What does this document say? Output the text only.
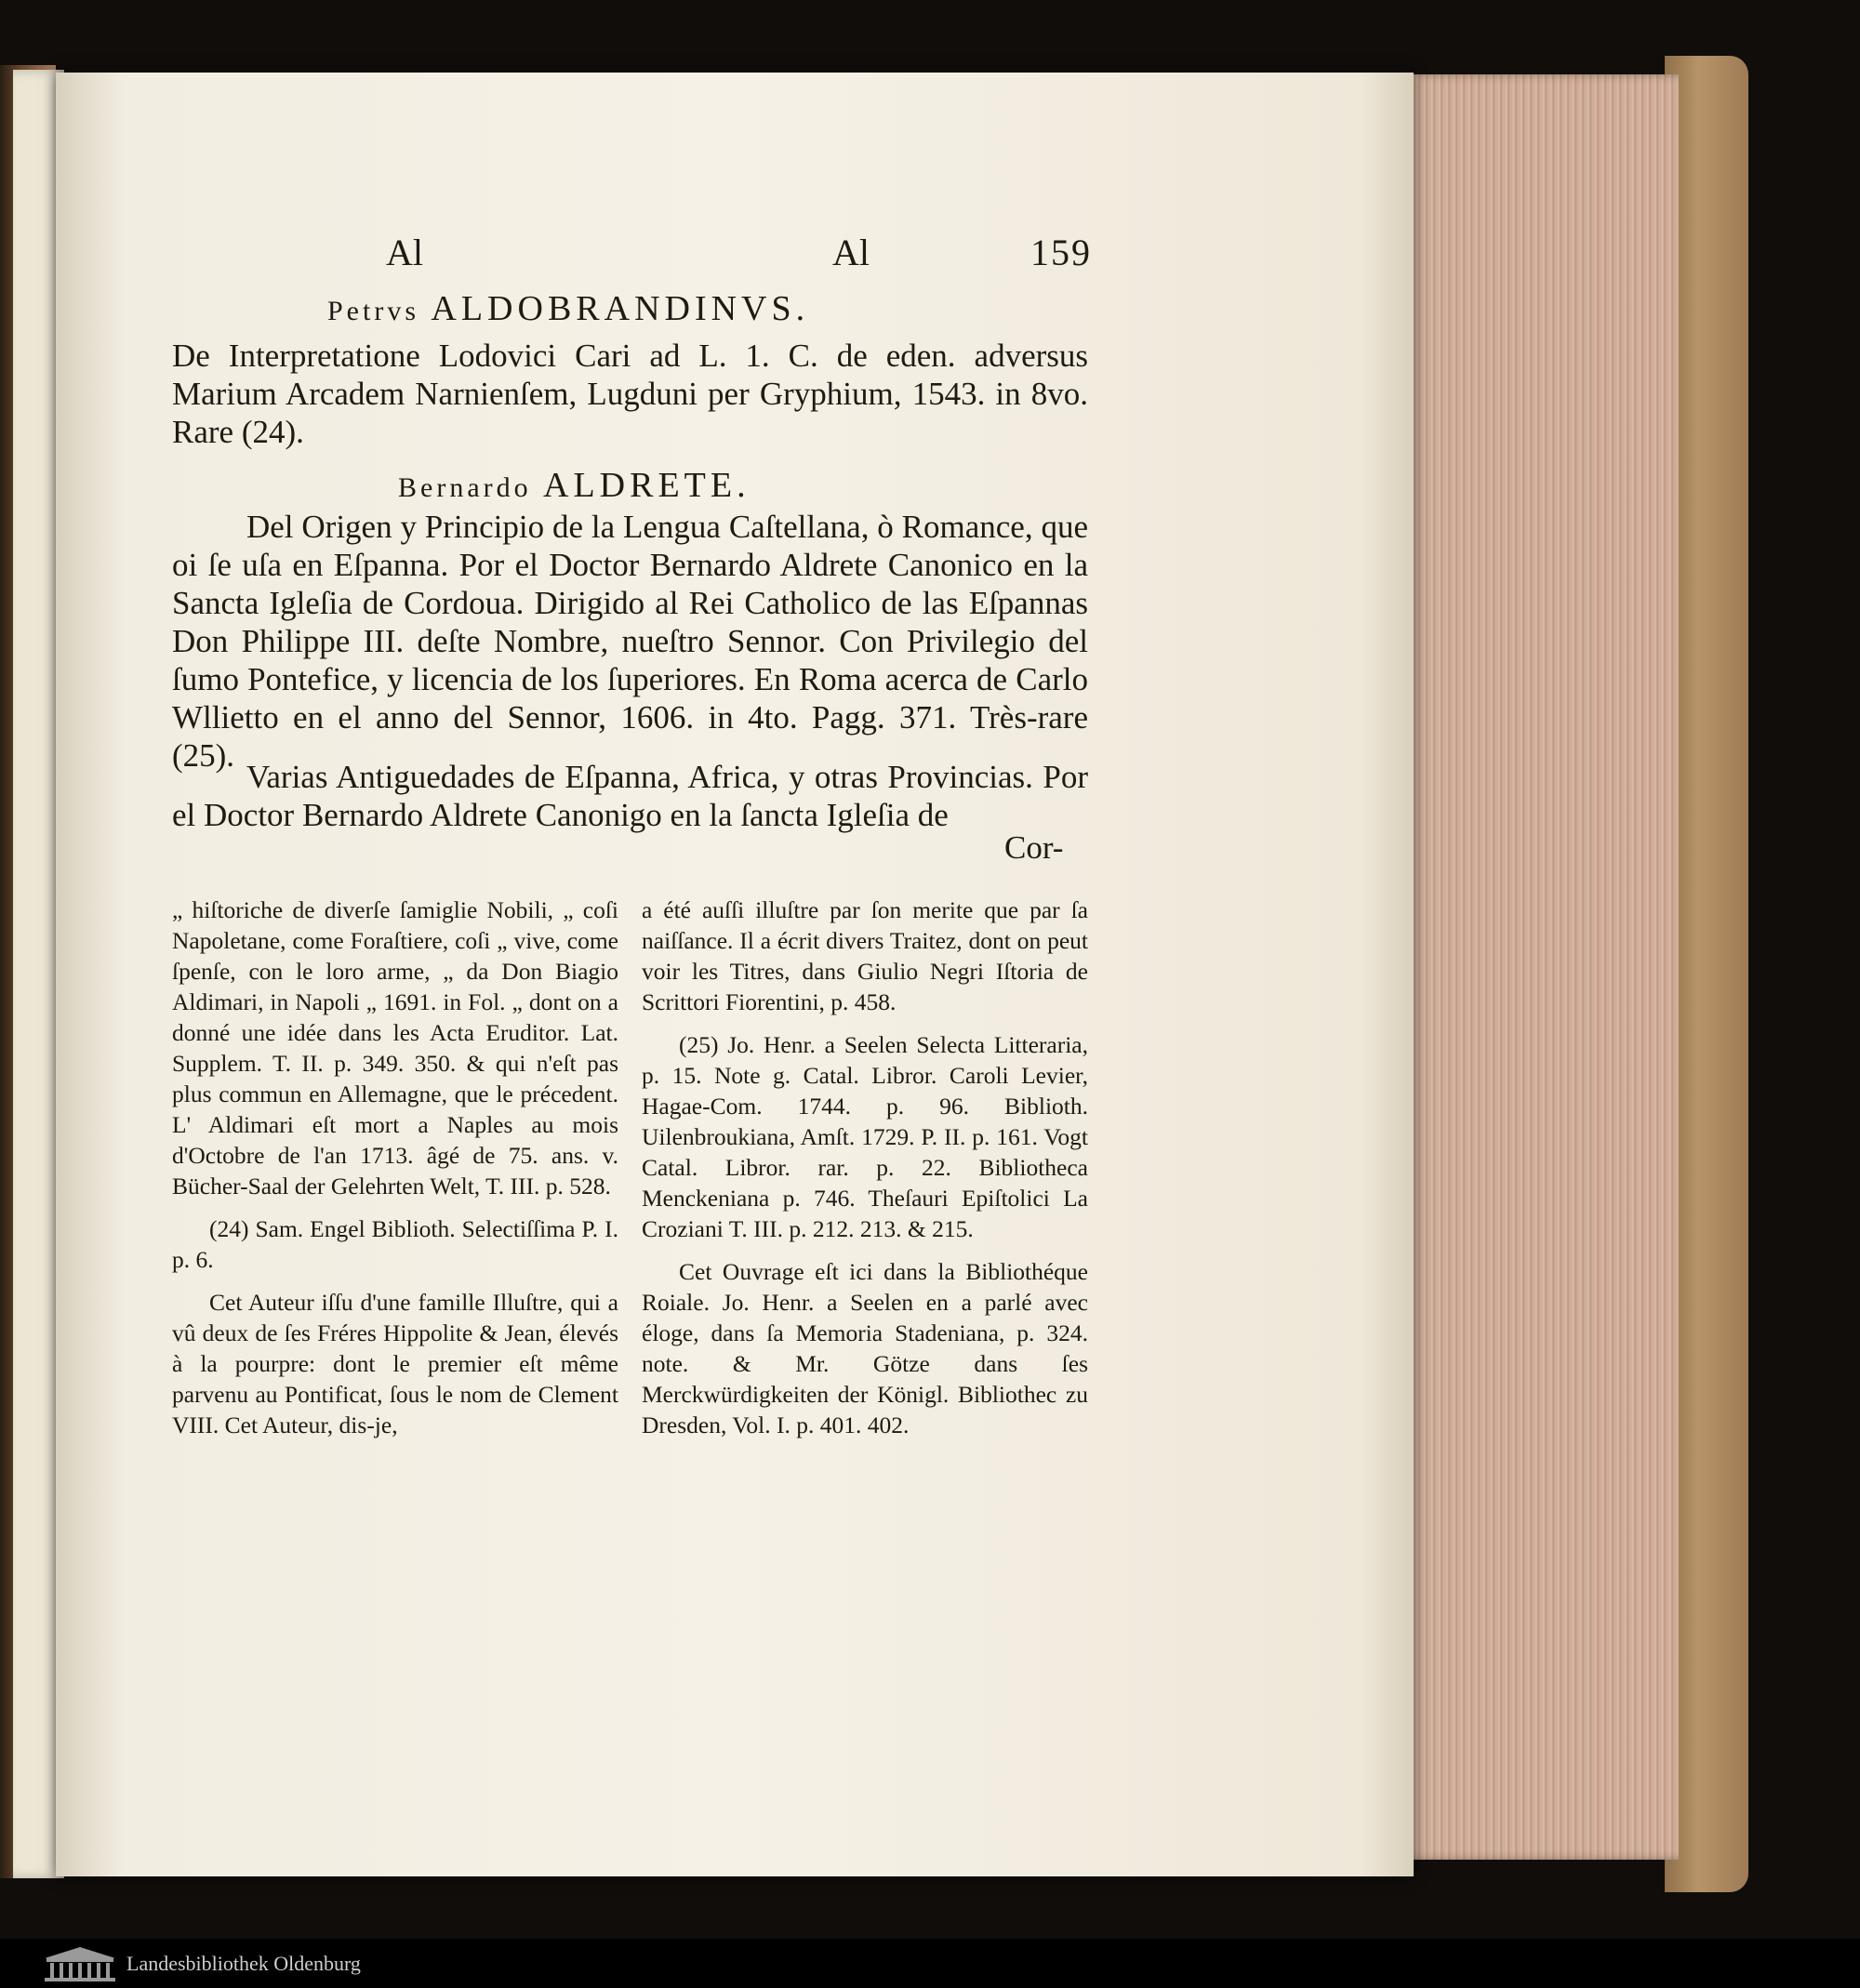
Al	Al	159
Petrvs ALDOBRANDINVS.
De Interpretatione Lodovici Cari ad L. 1. C. de eden. adversus Marium Arcadem Narnienſem, Lugduni per Gryphium, 1543. in 8vo. Rare (24).
Bernardo ALDRETE.
Del Origen y Principio de la Lengua Caſtellana, ò Romance, que oi ſe uſa en Eſpanna. Por el Doctor Bernardo Aldrete Canonico en la Sancta Igleſia de Cordoua. Dirigido al Rei Catholico de las Eſpannas Don Philippe III. deſte Nombre, nueſtro Sennor. Con Privilegio del ſumo Pontefice, y licencia de los ſuperiores. En Roma acerca de Carlo Wllietto en el anno del Sennor, 1606. in 4to. Pagg. 371. Très-rare (25).
Varias Antiguedades de Eſpanna, Africa, y otras Provincias. Por el Doctor Bernardo Aldrete Canonigo en la ſancta Igleſia de
Cor-

„ hiſtoriche de diverſe ſamiglie Nobili, „ coſi Napoletane, come Foraſtiere, coſi „ vive, come ſpenſe, con le loro arme, „ da Don Biagio Aldimari, in Napoli „ 1691. in Fol. „ dont on a donné une idée dans les Acta Eruditor. Lat. Supplem. T. II. p. 349. 350. & qui n'eſt pas plus commun en Allemagne, que le précedent. L' Aldimari eſt mort a Naples au mois d'Octobre de l'an 1713. âgé de 75. ans. v. Bücher-Saal der Gelehrten Welt, T. III. p. 528.

(24) Sam. Engel Biblioth. Selectiſſima P. I. p. 6.

Cet Auteur iſſu d'une famille Illuſtre, qui a vû deux de ſes Fréres Hippolite & Jean, élevés à la pourpre: dont le premier eſt même parvenu au Pontificat, ſous le nom de Clement VIII. Cet Auteur, dis-je,

a été auſſi illuſtre par ſon merite que par ſa naiſſance. Il a écrit divers Traitez, dont on peut voir les Titres, dans Giulio Negri Iſtoria de Scrittori Fiorentini, p. 458.

(25) Jo. Henr. a Seelen Selecta Litteraria, p. 15. Note g. Catal. Libror. Caroli Levier, Hagae-Com. 1744. p. 96. Biblioth. Uilenbroukiana, Amſt. 1729. P. II. p. 161. Vogt Catal. Libror. rar. p. 22. Bibliotheca Menckeniana p. 746. Theſauri Epiſtolici La Croziani T. III. p. 212. 213. & 215.

Cet Ouvrage eſt ici dans la Bibliothéque Roiale. Jo. Henr. a Seelen en a parlé avec éloge, dans ſa Memoria Stadeniana, p. 324. note. & Mr. Götze dans ſes Merckwürdigkeiten der Königl. Bibliothec zu Dresden, Vol. I. p. 401. 402.

Landesbibliothek Oldenburg
